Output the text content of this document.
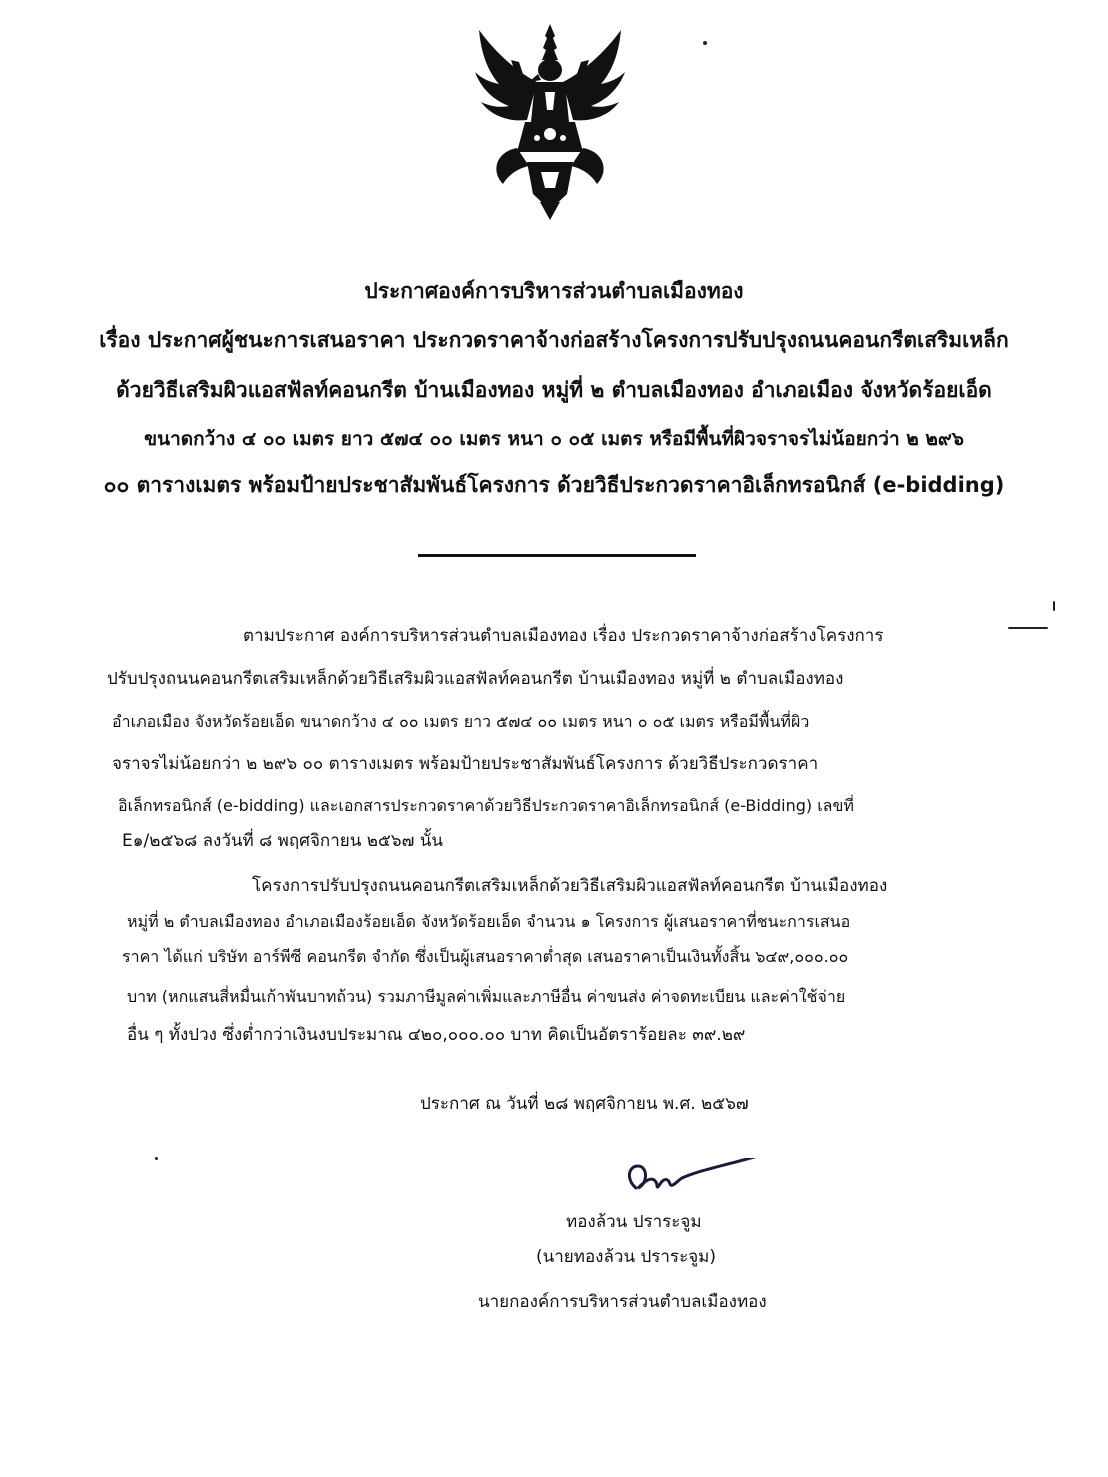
ประกาศองค์การบริหารส่วนตำบลเมืองทอง
เรื่อง ประกาศผู้ชนะการเสนอราคา ประกวดราคาจ้างก่อสร้างโครงการปรับปรุงถนนคอนกรีตเสริมเหล็ก
ด้วยวิธีเสริมผิวแอสฟัลท์คอนกรีต บ้านเมืองทอง หมู่ที่ ๒ ตำบลเมืองทอง อำเภอเมือง จังหวัดร้อยเอ็ด
ขนาดกว้าง ๔ ๐๐ เมตร ยาว ๕๗๔ ๐๐ เมตร หนา ๐ ๐๕ เมตร หรือมีพื้นที่ผิวจราจรไม่น้อยกว่า ๒ ๒๙๖
๐๐ ตารางเมตร พร้อมป้ายประชาสัมพันธ์โครงการ ด้วยวิธีประกวดราคาอิเล็กทรอนิกส์ (e-bidding)
ตามประกาศ องค์การบริหารส่วนตำบลเมืองทอง เรื่อง ประกวดราคาจ้างก่อสร้างโครงการ
ปรับปรุงถนนคอนกรีตเสริมเหล็กด้วยวิธีเสริมผิวแอสฟัลท์คอนกรีต บ้านเมืองทอง หมู่ที่ ๒ ตำบลเมืองทอง
อำเภอเมือง จังหวัดร้อยเอ็ด ขนาดกว้าง ๔ ๐๐ เมตร ยาว ๕๗๔ ๐๐ เมตร หนา ๐ ๐๕ เมตร หรือมีพื้นที่ผิว
จราจรไม่น้อยกว่า ๒ ๒๙๖ ๐๐ ตารางเมตร พร้อมป้ายประชาสัมพันธ์โครงการ ด้วยวิธีประกวดราคา
อิเล็กทรอนิกส์ (e-bidding) และเอกสารประกวดราคาด้วยวิธีประกวดราคาอิเล็กทรอนิกส์ (e-Bidding) เลขที่
E๑/๒๕๖๘ ลงวันที่ ๘ พฤศจิกายน ๒๕๖๗ นั้น
โครงการปรับปรุงถนนคอนกรีตเสริมเหล็กด้วยวิธีเสริมผิวแอสฟัลท์คอนกรีต บ้านเมืองทอง
หมู่ที่ ๒ ตำบลเมืองทอง อำเภอเมืองร้อยเอ็ด จังหวัดร้อยเอ็ด จำนวน ๑ โครงการ ผู้เสนอราคาที่ชนะการเสนอ
ราคา ได้แก่ บริษัท อาร์พีซี คอนกรีต จำกัด ซึ่งเป็นผู้เสนอราคาต่ำสุด เสนอราคาเป็นเงินทั้งสิ้น ๖๔๙,๐๐๐.๐๐
บาท (หกแสนสี่หมื่นเก้าพันบาทถ้วน) รวมภาษีมูลค่าเพิ่มและภาษีอื่น ค่าขนส่ง ค่าจดทะเบียน และค่าใช้จ่าย
อื่น ๆ ทั้งปวง ซึ่งต่ำกว่าเงินงบประมาณ ๔๒๐,๐๐๐.๐๐ บาท คิดเป็นอัตราร้อยละ ๓๙.๒๙
ประกาศ ณ วันที่ ๒๘ พฤศจิกายน พ.ศ. ๒๕๖๗
ทองล้วน ปราระจูม
(นายทองล้วน ปราระจูม)
นายกองค์การบริหารส่วนตำบลเมืองทอง
